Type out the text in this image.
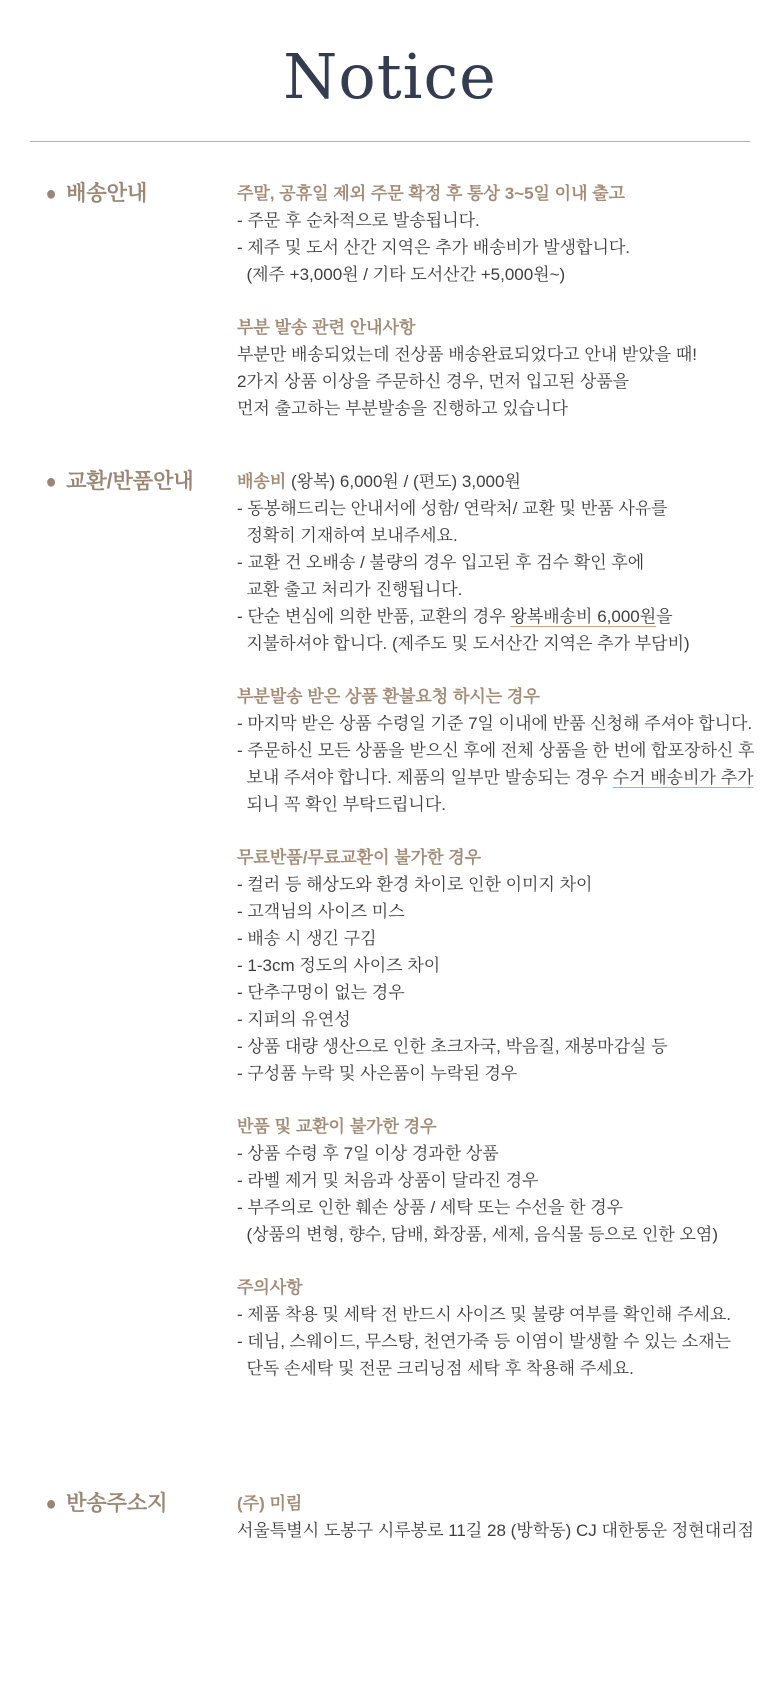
Notice
● 배송안내	주말, 공휴일 제외 주문 확정 후 통상 3~5일 이내 출고

- 주문 후 순차적으로 발송됩니다.

- 제주 및 도서 산간 지역은 추가 배송비가 발생합니다.

(제주 +3,000원 / 기타 도서산간 +5,000원~)

부분 발송 관련 안내사항

부분만 배송되었는데 전상품 배송완료되었다고 안내 받았을 때!

2가지 상품 이상을 주문하신 경우, 먼저 입고된 상품을

먼저 출고하는 부분발송을 진행하고 있습니다

● 교환/반품안내	배송비 (왕복) 6,000원 / (편도) 3,000원

- 동봉해드리는 안내서에 성함/ 연락처/ 교환 및 반품 사유를

정확히 기재하여 보내주세요.

- 교환 건 오배송 / 불량의 경우 입고된 후 검수 확인 후에

교환 출고 처리가 진행됩니다.

- 단순 변심에 의한 반품, 교환의 경우 왕복배송비 6,000원을

지불하셔야 합니다. (제주도 및 도서산간 지역은 추가 부담비)

부분발송 받은 상품 환불요청 하시는 경우

- 마지막 받은 상품 수령일 기준 7일 이내에 반품 신청해 주셔야 합니다.

- 주문하신 모든 상품을 받으신 후에 전체 상품을 한 번에 합포장하신 후

보내 주셔야 합니다. 제품의 일부만 발송되는 경우 수거 배송비가 추가

되니 꼭 확인 부탁드립니다.

무료반품/무료교환이 불가한 경우

- 컬러 등 해상도와 환경 차이로 인한 이미지 차이

- 고객님의 사이즈 미스

- 배송 시 생긴 구김

- 1-3cm 정도의 사이즈 차이

- 단추구멍이 없는 경우

- 지퍼의 유연성

- 상품 대량 생산으로 인한 초크자국, 박음질, 재봉마감실 등

- 구성품 누락 및 사은품이 누락된 경우

반품 및 교환이 불가한 경우

- 상품 수령 후 7일 이상 경과한 상품

- 라벨 제거 및 처음과 상품이 달라진 경우

- 부주의로 인한 훼손 상품 / 세탁 또는 수선을 한 경우

(상품의 변형, 향수, 담배, 화장품, 세제, 음식물 등으로 인한 오염)

주의사항

- 제품 착용 및 세탁 전 반드시 사이즈 및 불량 여부를 확인해 주세요.

- 데님, 스웨이드, 무스탕, 천연가죽 등 이염이 발생할 수 있는 소재는

단독 손세탁 및 전문 크리닝점 세탁 후 착용해 주세요.

● 반송주소지	(주) 미림

서울특별시 도봉구 시루봉로 11길 28 (방학동) CJ 대한통운 정현대리점
